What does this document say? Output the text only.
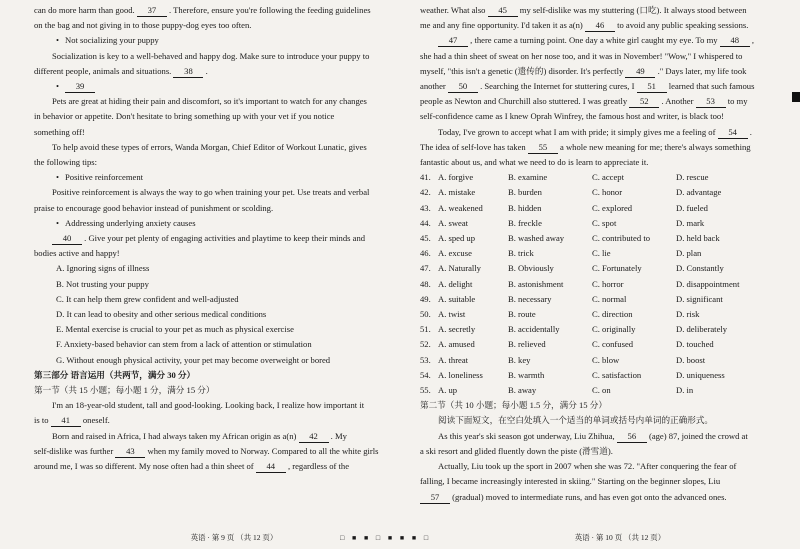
can do more harm than good. 37 . Therefore, ensure you're following the feeding guidelines
on the bag and not giving in to those puppy-dog eyes too often.
• Not socializing your puppy
Socialization is key to a well-behaved and happy dog. Make sure to introduce your puppy to
different people, animals and situations. 38 .
• 39
Pets are great at hiding their pain and discomfort, so it's important to watch for any changes
in behavior or appetite. Don't hesitate to bring something up with your vet if you notice
something off!
To help avoid these types of errors, Wanda Morgan, Chief Editor of Workout Lunatic, gives
the following tips:
• Positive reinforcement
Positive reinforcement is always the way to go when training your pet. Use treats and verbal
praise to encourage good behavior instead of punishment or scolding.
• Addressing underlying anxiety causes
40 . Give your pet plenty of engaging activities and playtime to keep their minds and
bodies active and happy!
A. Ignoring signs of illness
B. Not trusting your puppy
C. It can help them grew confident and well-adjusted
D. It can lead to obesity and other serious medical conditions
E. Mental exercise is crucial to your pet as much as physical exercise
F. Anxiety-based behavior can stem from a lack of attention or stimulation
G. Without enough physical activity, your pet may become overweight or bored
第三部分 语言运用（共两节，满分 30 分）
第一节（共 15 小题；每小题 1 分，满分 15 分）
I'm an 18-year-old student, tall and good-looking. Looking back, I realize how important it
is to 41 oneself.
Born and raised in Africa, I had always taken my African origin as a(n) 42 . My
self-dislike was further 43 when my family moved to Norway. Compared to all the white girls
around me, I was so different. My nose often had a thin sheet of 44 , regardless of the
英语 · 第 9 页 （共 12 页）
weather. What also 45 my self-dislike was my stuttering (口吃). It always stood between
me and any fine opportunity. I'd taken it as a(n) 46 to avoid any public speaking sessions.
47 , there came a turning point. One day a white girl caught my eye. To my 48 ,
she had a thin sheet of sweat on her nose too, and it was in November! "Wow," I whispered to
myself, "this isn't a genetic (遗传的) disorder. It's perfectly 49 ." Days later, my life took
another 50 . Searching the Internet for stuttering cures, I 51 learned that such famous
people as Newton and Churchill also stuttered. I was greatly 52 . Another 53 to my
self-confidence came as I knew Oprah Winfrey, the famous host and writer, is black too!
Today, I've grown to accept what I am with pride; it simply gives me a feeling of 54 .
The idea of self-love has taken 55 a whole new meaning for me; there's always something
fantastic about us, and what we need to do is learn to appreciate it.
41. A. forgive	B. examine	C. accept	D. rescue
42. A. mistake	B. burden	C. honor	D. advantage
43. A. weakened	B. hidden	C. explored	D. fueled
44. A. sweat	B. freckle	C. spot	D. mark
45. A. sped up	B. washed away	C. contributed to	D. held back
46. A. excuse	B. trick	C. lie	D. plan
47. A. Naturally	B. Obviously	C. Fortunately	D. Constantly
48. A. delight	B. astonishment	C. horror	D. disappointment
49. A. suitable	B. necessary	C. normal	D. significant
50. A. twist	B. route	C. direction	D. risk
51. A. secretly	B. accidentally	C. originally	D. deliberately
52. A. amused	B. relieved	C. confused	D. touched
53. A. threat	B. key	C. blow	D. boost
54. A. loneliness	B. warmth	C. satisfaction	D. uniqueness
55. A. up	B. away	C. on	D. in
第二节（共 10 小题；每小题 1.5 分，满分 15 分）
阅读下面短文，在空白处填入一个适当的单词或括号内单词的正确形式。
As this year's ski season got underway, Liu Zhihua, 56 (age) 87, joined the crowd at
a ski resort and glided fluently down the piste (滑雪道).
Actually, Liu took up the sport in 2007 when she was 72. "After conquering the fear of
falling, I became increasingly interested in skiing." Starting on the beginner slopes, Liu
57 (gradual) moved to intermediate runs, and has even got onto the advanced ones.
英语 · 第 10 页 （共 12 页）
□ ■ ■ □ ■ ■ ■ □
